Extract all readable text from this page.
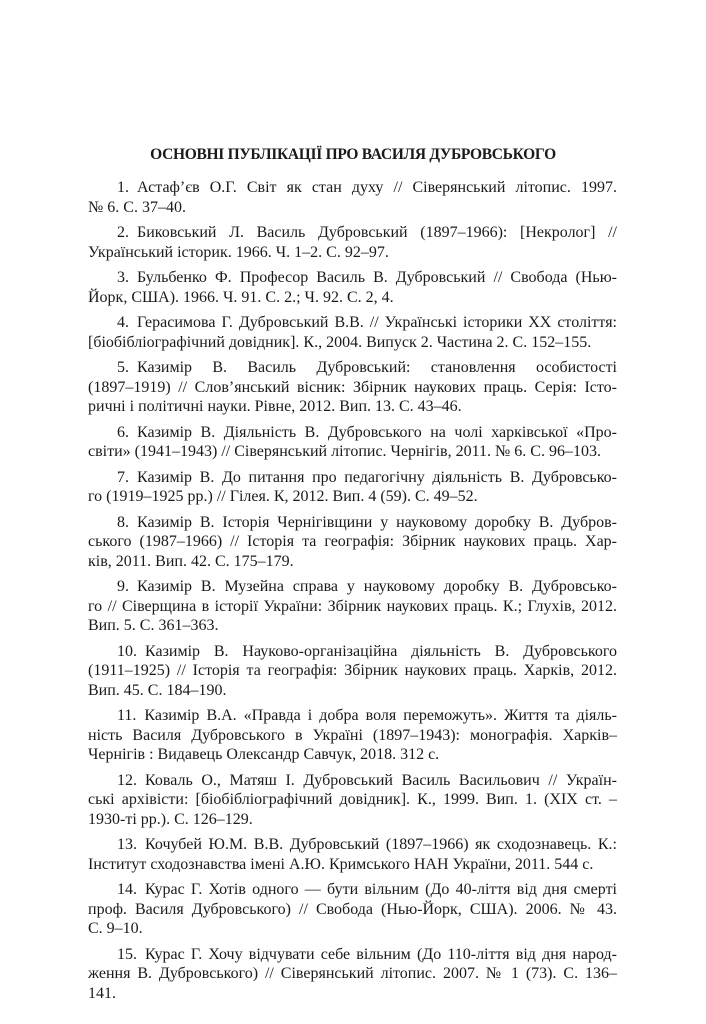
ОСНОВНІ ПУБЛІКАЦІЇ ПРО ВАСИЛЯ ДУБРОВСЬКОГО
1. Астаф’єв О.Г. Світ як стан духу // Сіверянський літопис. 1997.
№ 6. С. 37–40.
2. Биковський Л. Василь Дубровський (1897–1966): [Некролог] //
Український історик. 1966. Ч. 1–2. С. 92–97.
3. Бульбенко Ф. Професор Василь В. Дубровський // Свобода (Нью-
Йорк, США). 1966. Ч. 91. С. 2.; Ч. 92. С. 2, 4.
4. Герасимова Г. Дубровський В.В. // Українські історики ХХ століття:
[біобібліографічний довідник]. К., 2004. Випуск 2. Частина 2. С. 152–155.
5. Казимір В. Василь Дубровський: становлення особистості
(1897–1919) // Слов’янський вісник: Збірник наукових праць. Серія: Істо-
ричні і політичні науки. Рівне, 2012. Вип. 13. С. 43–46.
6. Казимір В. Діяльність В. Дубровського на чолі харківської «Про-
світи» (1941–1943) // Сіверянський літопис. Чернігів, 2011. № 6. С. 96–103.
7. Казимір В. До питання про педагогічну діяльність В. Дубровсько-
го (1919–1925 рр.) // Гілея. К, 2012. Вип. 4 (59). С. 49–52.
8. Казимір В. Історія Чернігівщини у науковому доробку В. Дубров-
ського (1987–1966) // Історія та географія: Збірник наукових праць. Хар-
ків, 2011. Вип. 42. С. 175–179.
9. Казимір В. Музейна справа у науковому доробку В. Дубровсько-
го // Сіверщина в історії України: Збірник наукових праць. К.; Глухів, 2012.
Вип. 5. С. 361–363.
10. Казимір В. Науково-організаційна діяльність В. Дубровського
(1911–1925) // Історія та географія: Збірник наукових праць. Харків, 2012.
Вип. 45. С. 184–190.
11. Казимір В.А. «Правда і добра воля переможуть». Життя та діяль-
ність Василя Дубровського в Україні (1897–1943): монографія. Харків–
Чернігів : Видавець Олександр Савчук, 2018. 312 с.
12. Коваль О., Матяш І. Дубровський Василь Васильович // Україн-
ські архівісти: [біобібліографічний довідник]. К., 1999. Вип. 1. (XIX ст. –
1930-ті рр.). С. 126–129.
13. Кочубей Ю.М. В.В. Дубровський (1897–1966) як сходознавець. К.:
Інститут сходознавства імені А.Ю. Кримського НАН України, 2011. 544 с.
14. Курас Г. Хотів одного — бути вільним (До 40-ліття від дня смерті
проф. Василя Дубровського) // Свобода (Нью-Йорк, США). 2006. № 43.
С. 9–10.
15. Курас Г. Хочу відчувати себе вільним (До 110-ліття від дня народ-
ження В. Дубровського) // Сіверянський літопис. 2007. № 1 (73). С. 136–
141.
